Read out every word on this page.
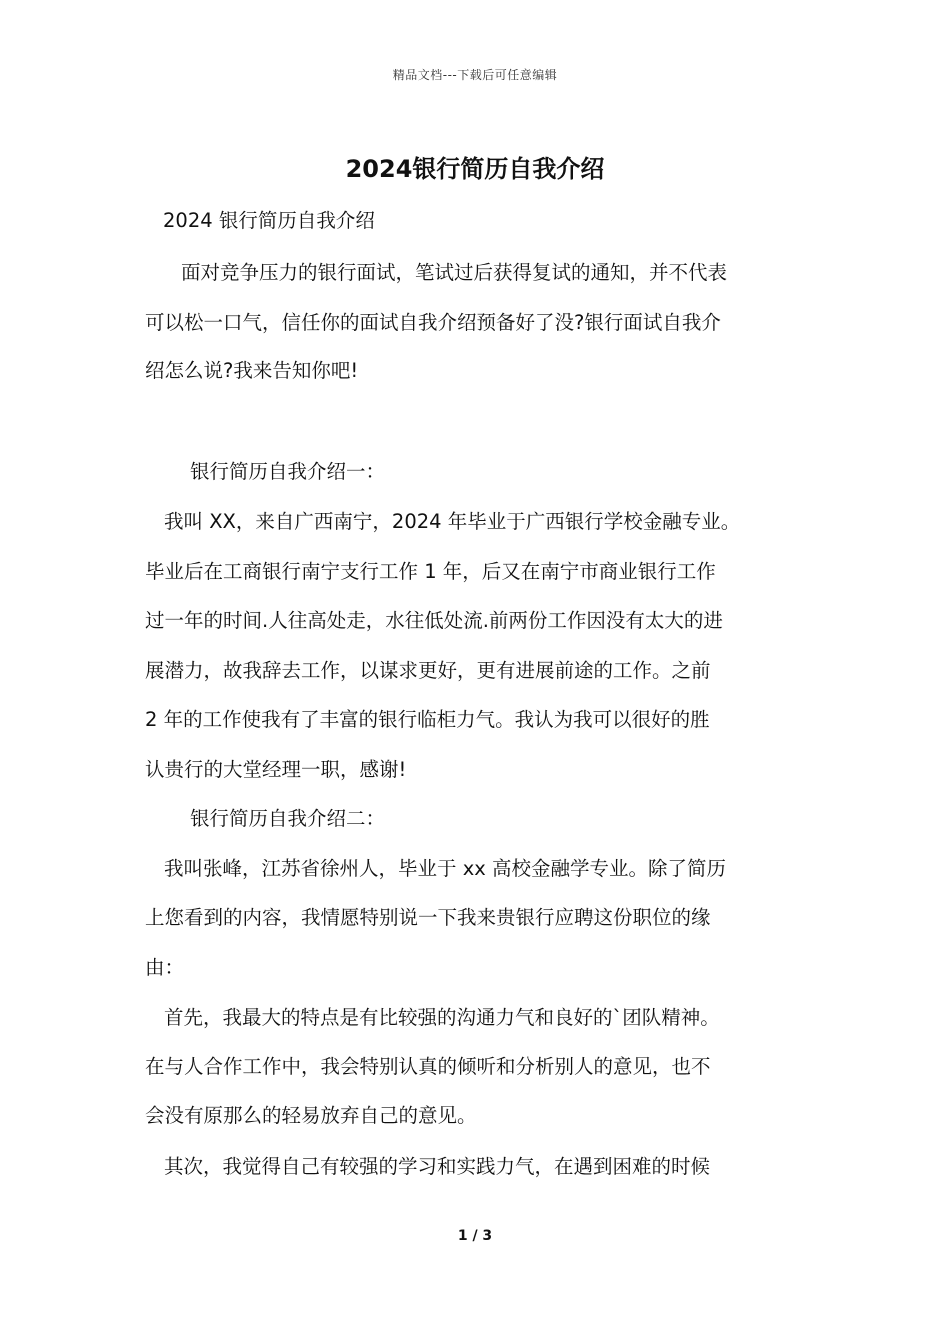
精品文档---下载后可任意编辑
2024银行简历自我介绍
2024 银行简历自我介绍
面对竞争压力的银行面试，笔试过后获得复试的通知，并不代表
可以松一口气，信任你的面试自我介绍预备好了没?银行面试自我介
绍怎么说?我来告知你吧!
银行简历自我介绍一：
我叫 XX，来自广西南宁，2024 年毕业于广西银行学校金融专业。
毕业后在工商银行南宁支行工作 1 年，后又在南宁市商业银行工作
过一年的时间.人往高处走，水往低处流.前两份工作因没有太大的进
展潜力，故我辞去工作，以谋求更好，更有进展前途的工作。之前
2 年的工作使我有了丰富的银行临柜力气。我认为我可以很好的胜
认贵行的大堂经理一职，感谢!
银行简历自我介绍二：
我叫张峰，江苏省徐州人，毕业于 xx 高校金融学专业。除了简历
上您看到的内容，我情愿特别说一下我来贵银行应聘这份职位的缘
由：
首先，我最大的特点是有比较强的沟通力气和良好的`团队精神。
在与人合作工作中，我会特别认真的倾听和分析别人的意见，也不
会没有原那么的轻易放弃自己的意见。
其次，我觉得自己有较强的学习和实践力气，在遇到困难的时候
1 / 3
